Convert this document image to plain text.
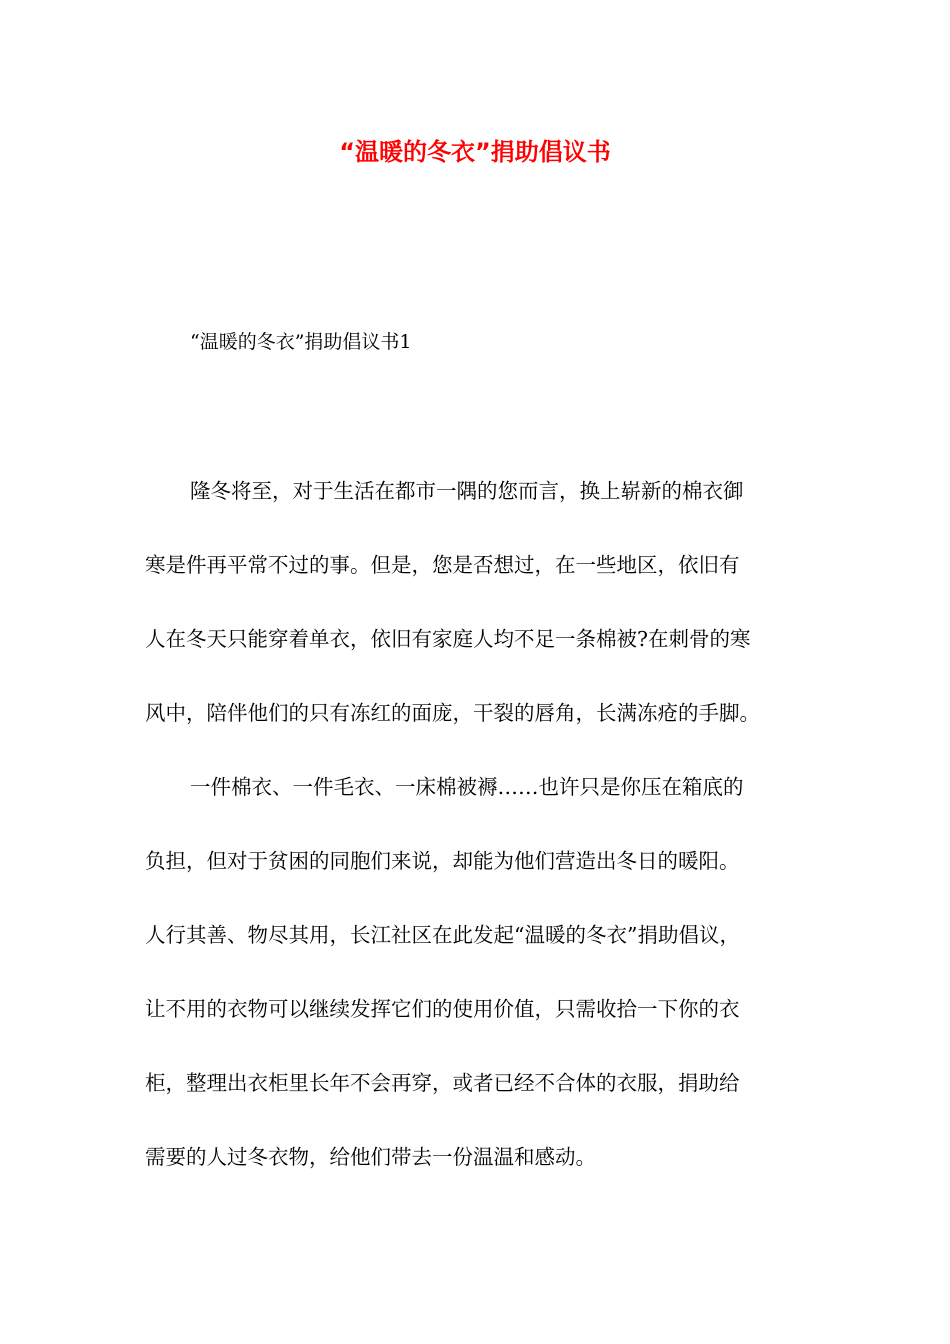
“温暖的冬衣”捐助倡议书

“温暖的冬衣”捐助倡议书1

隆冬将至，对于生活在都市一隅的您而言，换上崭新的棉衣御
寒是件再平常不过的事。但是，您是否想过，在一些地区，依旧有
人在冬天只能穿着单衣，依旧有家庭人均不足一条棉被?在刺骨的寒
风中，陪伴他们的只有冻红的面庞，干裂的唇角，长满冻疮的手脚。
一件棉衣、一件毛衣、一床棉被褥……也许只是你压在箱底的
负担，但对于贫困的同胞们来说，却能为他们营造出冬日的暖阳。
人行其善、物尽其用，长江社区在此发起“温暖的冬衣”捐助倡议，
让不用的衣物可以继续发挥它们的使用价值，只需收拾一下你的衣
柜，整理出衣柜里长年不会再穿，或者已经不合体的衣服，捐助给
需要的人过冬衣物，给他们带去一份温温和感动。
